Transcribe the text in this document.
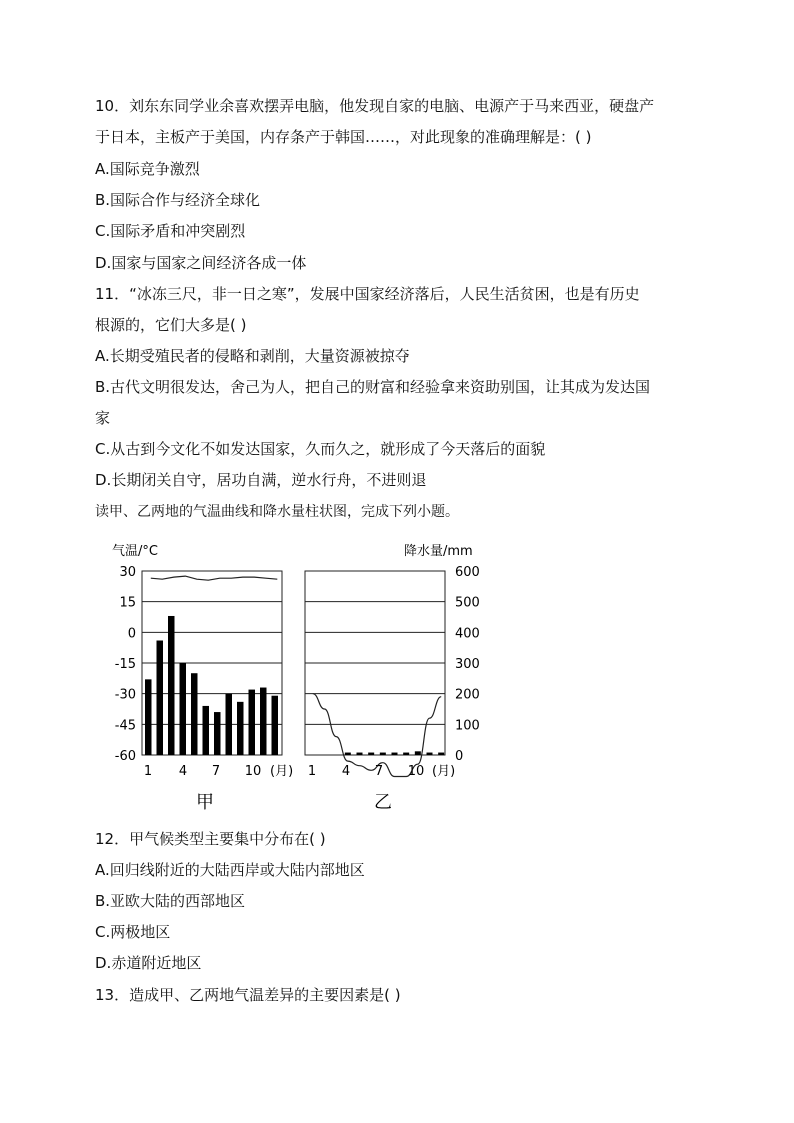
10．刘东东同学业余喜欢摆弄电脑，他发现自家的电脑、电源产于马来西亚，硬盘产
于日本，主板产于美国，内存条产于韩国……，对此现象的准确理解是：( )
A.国际竞争激烈
B.国际合作与经济全球化
C.国际矛盾和冲突剧烈
D.国家与国家之间经济各成一体
11．“冰冻三尺，非一日之寒”，发展中国家经济落后，人民生活贫困，也是有历史
根源的，它们大多是( )
A.长期受殖民者的侵略和剥削，大量资源被掠夺
B.古代文明很发达，舍己为人，把自己的财富和经验拿来资助别国，让其成为发达国
家
C.从古到今文化不如发达国家，久而久之，就形成了今天落后的面貌
D.长期闭关自守，居功自满，逆水行舟，不进则退
读甲、乙两地的气温曲线和降水量柱状图，完成下列小题。
气温/°C
30
15
0
-15
-30
-45
-60
1 4 7 10 (月)
甲
降水量/mm
600
500
400
300
200
100
0
1 4 7 10 (月)
乙
12．甲气候类型主要集中分布在( )
A.回归线附近的大陆西岸或大陆内部地区
B.亚欧大陆的西部地区
C.两极地区
D.赤道附近地区
13．造成甲、乙两地气温差异的主要因素是( )
